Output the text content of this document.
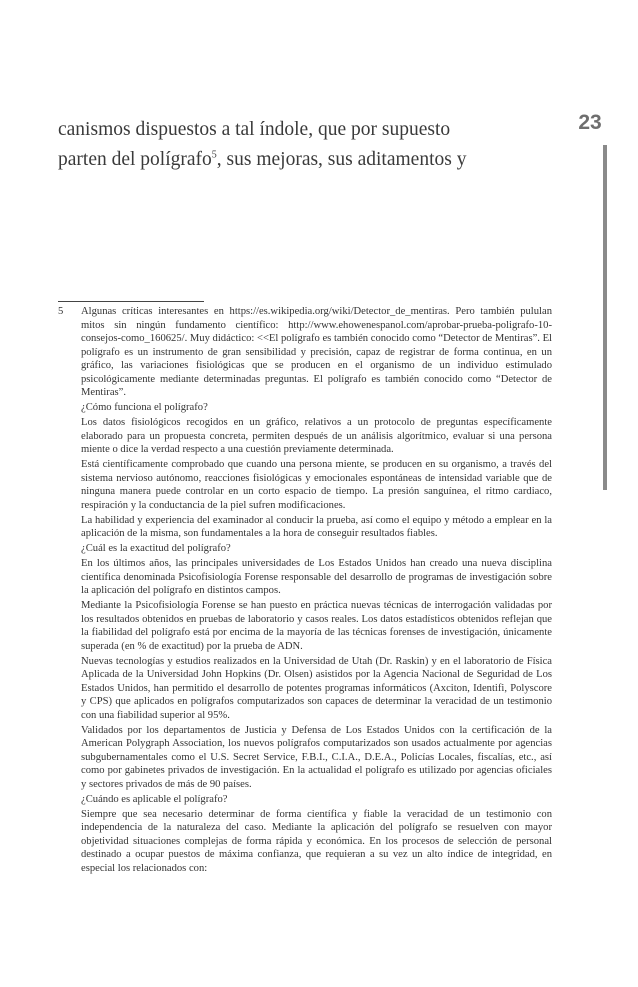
23

canismos dispuestos a tal índole, que por supuesto

parten del polígrafo$^5$, sus mejoras, sus aditamentos y

5	Algunas críticas interesantes en https://es.wikipedia.org/wiki/Detector_de_mentiras. Pero también pululan mitos sin ningún fundamento científico: http://www.ehowenespanol.com/aprobar-prueba-poligrafo-10-consejos-como_160625/. Muy didáctico: <<El polígrafo es también conocido como “Detector de Mentiras”. El polígrafo es un instrumento de gran sensibilidad y precisión, capaz de registrar de forma continua, en un gráfico, las variaciones fisiológicas que se producen en el organismo de un individuo estimulado psicológicamente mediante determinadas preguntas. El polígrafo es también conocido como “Detector de Mentiras”.

¿Cómo funciona el polígrafo?

Los datos fisiológicos recogidos en un gráfico, relativos a un protocolo de preguntas específicamente elaborado para un propuesta concreta, permiten después de un análisis algorítmico, evaluar si una persona miente o dice la verdad respecto a una cuestión previamente determinada.

Está científicamente comprobado que cuando una persona miente, se producen en su organismo, a través del sistema nervioso autónomo, reacciones fisiológicas y emocionales espontáneas de intensidad variable que de ninguna manera puede controlar en un corto espacio de tiempo. La presión sanguínea, el ritmo cardiaco, respiración y la conductancia de la piel sufren modificaciones.

La habilidad y experiencia del examinador al conducir la prueba, así como el equipo y método a emplear en la aplicación de la misma, son fundamentales a la hora de conseguir resultados fiables.

¿Cuál es la exactitud del polígrafo?

En los últimos años, las principales universidades de Los Estados Unidos han creado una nueva disciplina científica denominada Psicofisiología Forense responsable del desarrollo de programas de investigación sobre la aplicación del polígrafo en distintos campos.

Mediante la Psicofisiología Forense se han puesto en práctica nuevas técnicas de interrogación validadas por los resultados obtenidos en pruebas de laboratorio y casos reales. Los datos estadísticos obtenidos reflejan que la fiabilidad del polígrafo está por encima de la mayoría de las técnicas forenses de investigación, únicamente superada (en % de exactitud) por la prueba de ADN.

Nuevas tecnologías y estudios realizados en la Universidad de Utah (Dr. Raskin) y en el laboratorio de Física Aplicada de la Universidad John Hopkins (Dr. Olsen) asistidos por la Agencia Nacional de Seguridad de Los Estados Unidos, han permitido el desarrollo de potentes programas informáticos (Axciton, Identifi, Polyscore y CPS) que aplicados en polígrafos computarizados son capaces de determinar la veracidad de un testimonio con una fiabilidad superior al 95%.

Validados por los departamentos de Justicia y Defensa de Los Estados Unidos con la certificación de la American Polygraph Association, los nuevos polígrafos computarizados son usados actualmente por agencias subgubernamentales como el U.S. Secret Service, F.B.I., C.I.A., D.E.A., Policías Locales, fiscalías, etc., así como por gabinetes privados de investigación. En la actualidad el polígrafo es utilizado por agencias oficiales y sectores privados de más de 90 países.

¿Cuándo es aplicable el polígrafo?

Siempre que sea necesario determinar de forma científica y fiable la veracidad de un testimonio con independencia de la naturaleza del caso. Mediante la aplicación del polígrafo se resuelven con mayor objetividad situaciones complejas de forma rápida y económica. En los procesos de selección de personal destinado a ocupar puestos de máxima confianza, que requieran a su vez un alto índice de integridad, en especial los relacionados con:
